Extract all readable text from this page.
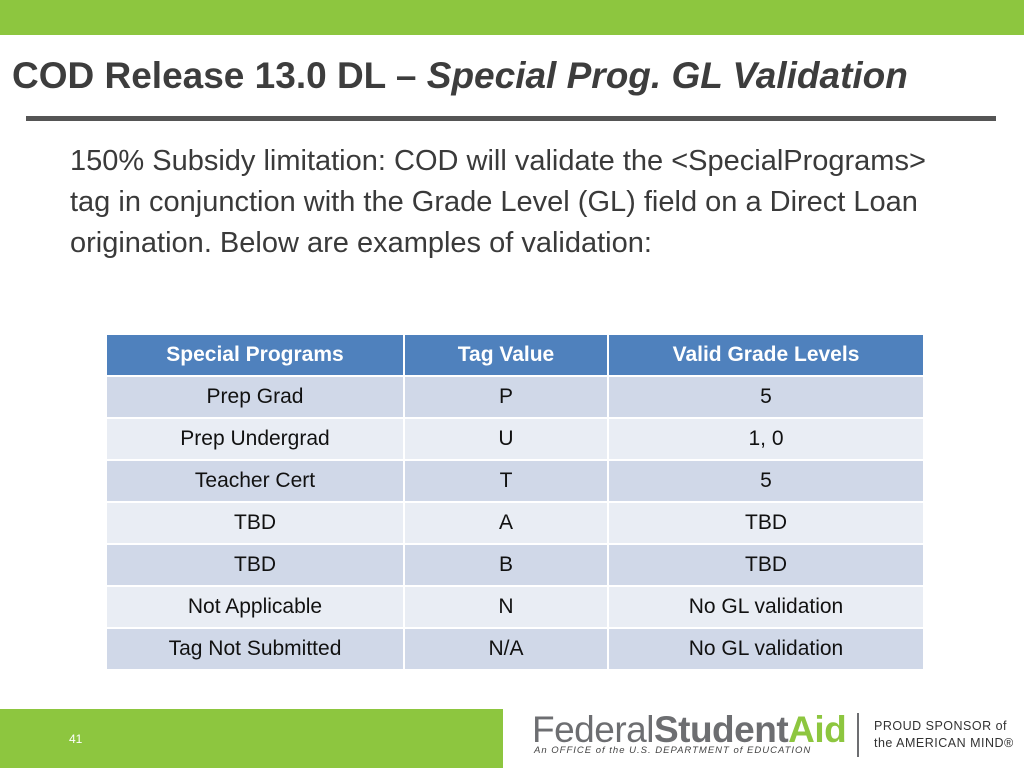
COD Release 13.0 DL – Special Prog. GL Validation

150% Subsidy limitation: COD will validate the <SpecialPrograms> tag in conjunction with the Grade Level (GL) field on a Direct Loan origination. Below are examples of validation:

Special Programs	Tag Value	Valid Grade Levels
Prep Grad	P	5
Prep Undergrad	U	1, 0
Teacher Cert	T	5
TBD	A	TBD
TBD	B	TBD
Not Applicable	N	No GL validation
Tag Not Submitted	N/A	No GL validation
41	FederalStudentAid
An OFFICE of the U.S. DEPARTMENT of EDUCATION
PROUD SPONSOR of
the AMERICAN MIND®
